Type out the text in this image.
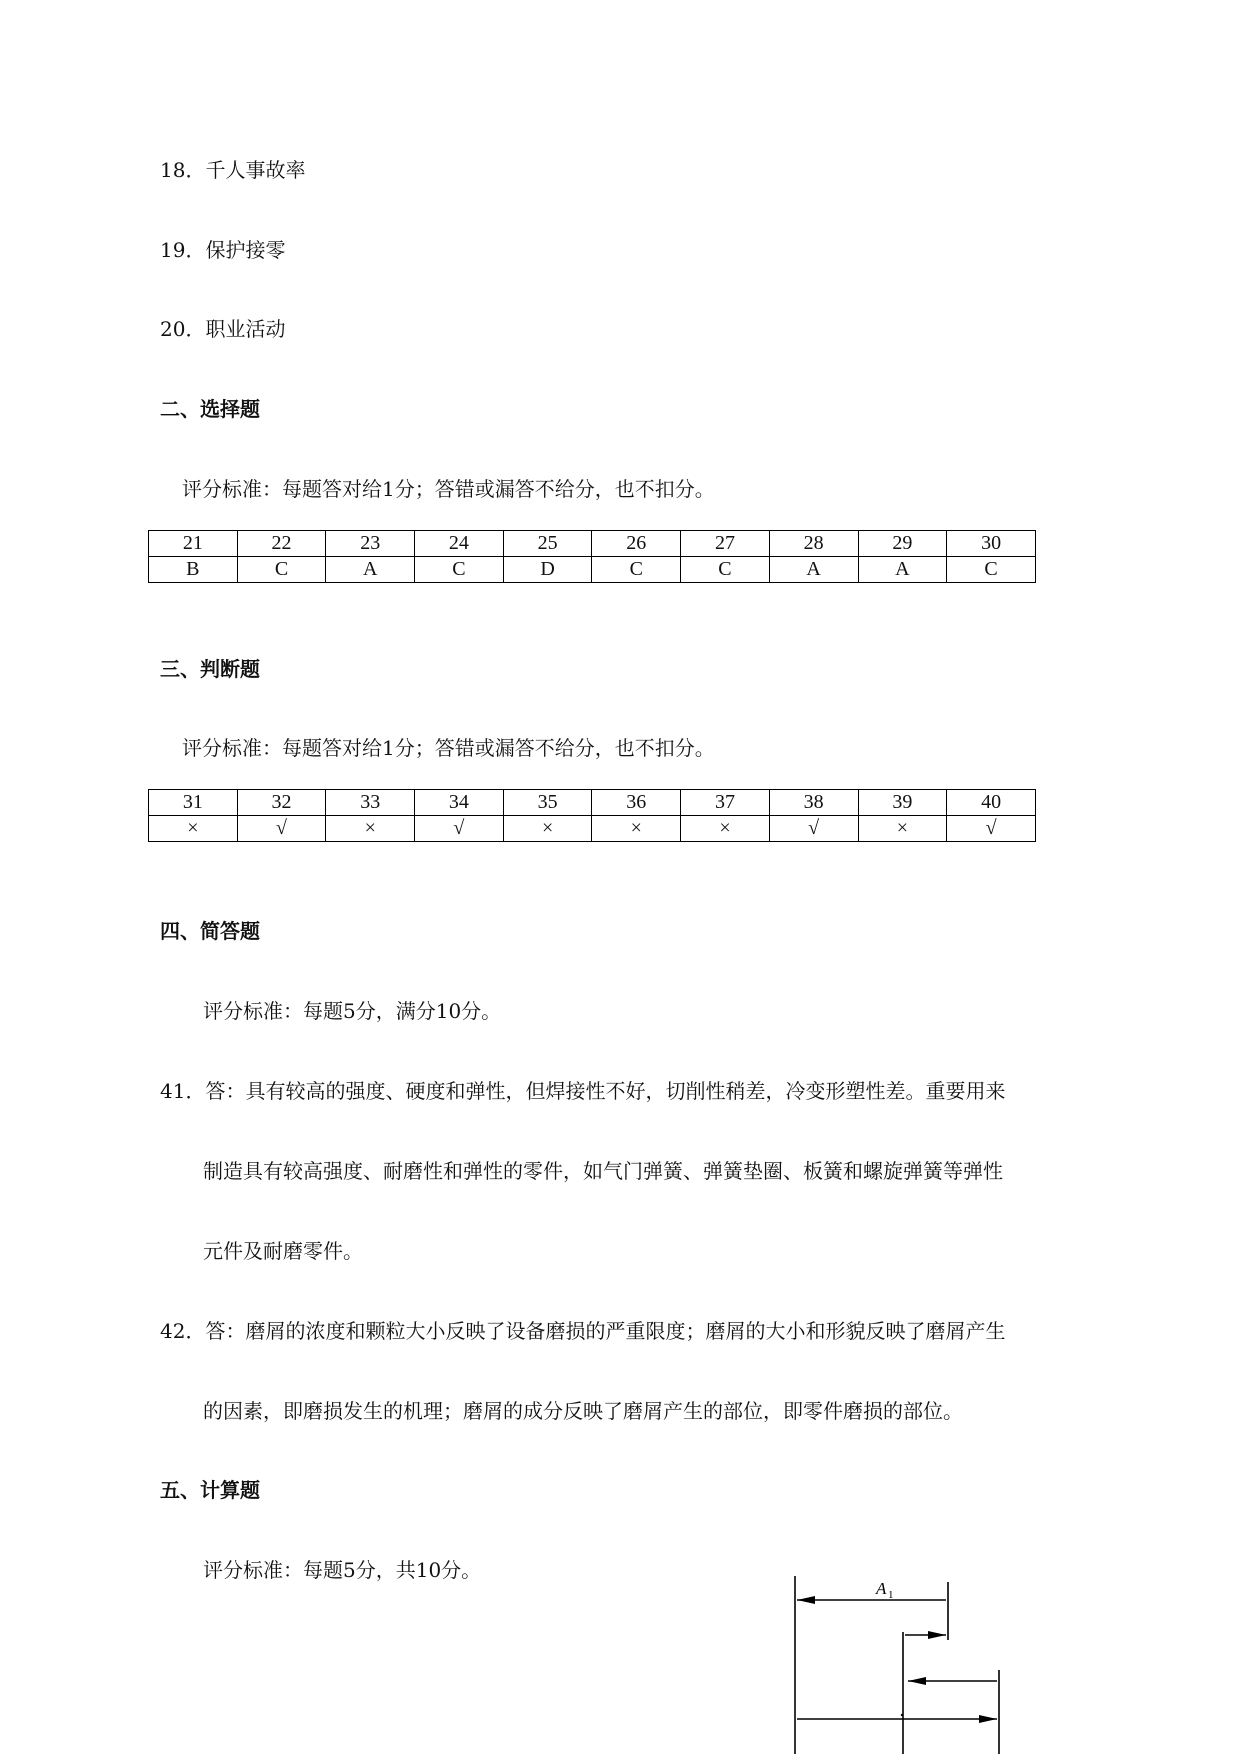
18．千人事故率
19．保护接零
20．职业活动
二、选择题
评分标准：每题答对给1分；答错或漏答不给分，也不扣分。
21	22	23	24	25	26	27	28	29	30
B	C	A	C	D	C	C	A	A	C
三、判断题
评分标准：每题答对给1分；答错或漏答不给分，也不扣分。
31	32	33	34	35	36	37	38	39	40
×	√	×	√	×	×	×	√	×	√
四、简答题
评分标准：每题5分，满分10分。
41．答：具有较高的强度、硬度和弹性，但焊接性不好，切削性稍差，冷变形塑性差。重要用来
制造具有较高强度、耐磨性和弹性的零件，如气门弹簧、弹簧垫圈、板簧和螺旋弹簧等弹性
元件及耐磨零件。
42．答：磨屑的浓度和颗粒大小反映了设备磨损的严重限度；磨屑的大小和形貌反映了磨屑产生
的因素，即磨损发生的机理；磨屑的成分反映了磨屑产生的部位，即零件磨损的部位。
五、计算题
评分标准：每题5分，共10分。
A 1
